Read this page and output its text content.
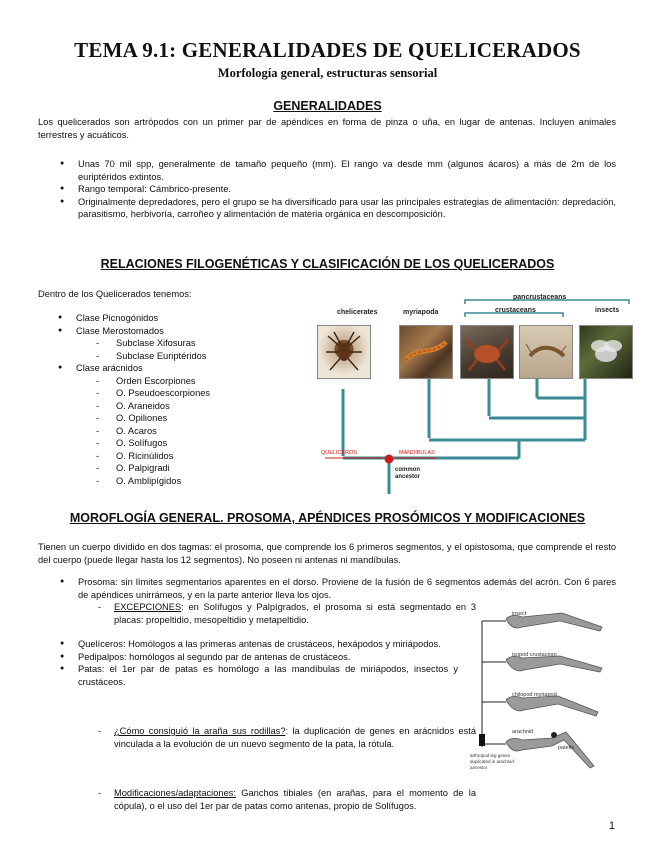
TEMA 9.1: GENERALIDADES DE QUELICERADOS
Morfología general, estructuras sensorial
GENERALIDADES
Los quelicerados son artrópodos con un primer par de apéndices en forma de pinza o uña, en lugar de antenas. Incluyen animales terrestres y acuáticos.
● Unas 70 mil spp, generalmente de tamaño pequeño (mm). El rango va desde mm (algunos ácaros) a más de 2m de los euriptéridos extintos.
● Rango temporal: Cámbrico-presente.
● Originalmente depredadores, pero el grupo se ha diversificado para usar las principales estrategias de alimentación: depredación, parasitismo, herbivoría, carroñeo y alimentación de materia orgánica en descomposición.
RELACIONES FILOGENÉTICAS Y CLASIFICACIÓN DE LOS QUELICERADOS
Dentro de los Quelicerados tenemos:
● Clase Picnogónidos
● Clase Merostomados
- Subclase Xifosuras
- Subclase Euriptéridos
● Clase arácnidos
- Orden Escorpiones
- O. Pseudoescorpiones
- O. Araneidos
- O. Opiliones
- O. Acaros
- O. Solífugos
- O. Ricinúlidos
- O. Palpigradi
- O. Amblipígidos
pancrustaceans
crustaceans	insects
chelicerates	myriapoda
QUELICEROS	MANDÍBULAS
common
ancestor
MOROFLOGÍA GENERAL. PROSOMA, APÉNDICES PROSÓMICOS Y MODIFICACIONES
Tienen un cuerpo dividido en dos tagmas: el prosoma, que comprende los 6 primeros segmentos, y el opistosoma, que comprende el resto del cuerpo (puede llegar hasta los 12 segmentos). No poseen ni antenas ni mandíbulas.
● Prosoma: sin límites segmentarios aparentes en el dorso. Proviene de la fusión de 6 segmentos además del acrón. Con 6 pares de apéndices unirrámeos, y en la parte anterior lleva los ojos.
- EXCEPCIONES: en Solífugos y Palpígrados, el prosoma si está segmentado en 3 placas: propeltidio, mesopeltidio y metapeltidio.
● Quelíceros: Homólogos a las primeras antenas de crustáceos, hexápodos y miriápodos.
● Pedipalpos: homólogos al segundo par de antenas de crustáceos.
● Patas: el 1er par de patas es homólogo a las mandíbulas de miriápodos, insectos y crustáceos.
- ¿Cómo consiguió la araña sus rodillas?: la duplicación de genes en arácnidos está vinculada a la evolución de un nuevo segmento de la pata, la rótula.
- Modificaciones/adaptaciones: Ganchos tibiales (en arañas, para el momento de la cópula), o el uso del 1er par de patas como antenas, propio de Solífugos.
insect
isopod crustacean
chilopod myriapod
arachnid
patella
arthropod leg genes
duplicated in arachnid
ancestor
1
